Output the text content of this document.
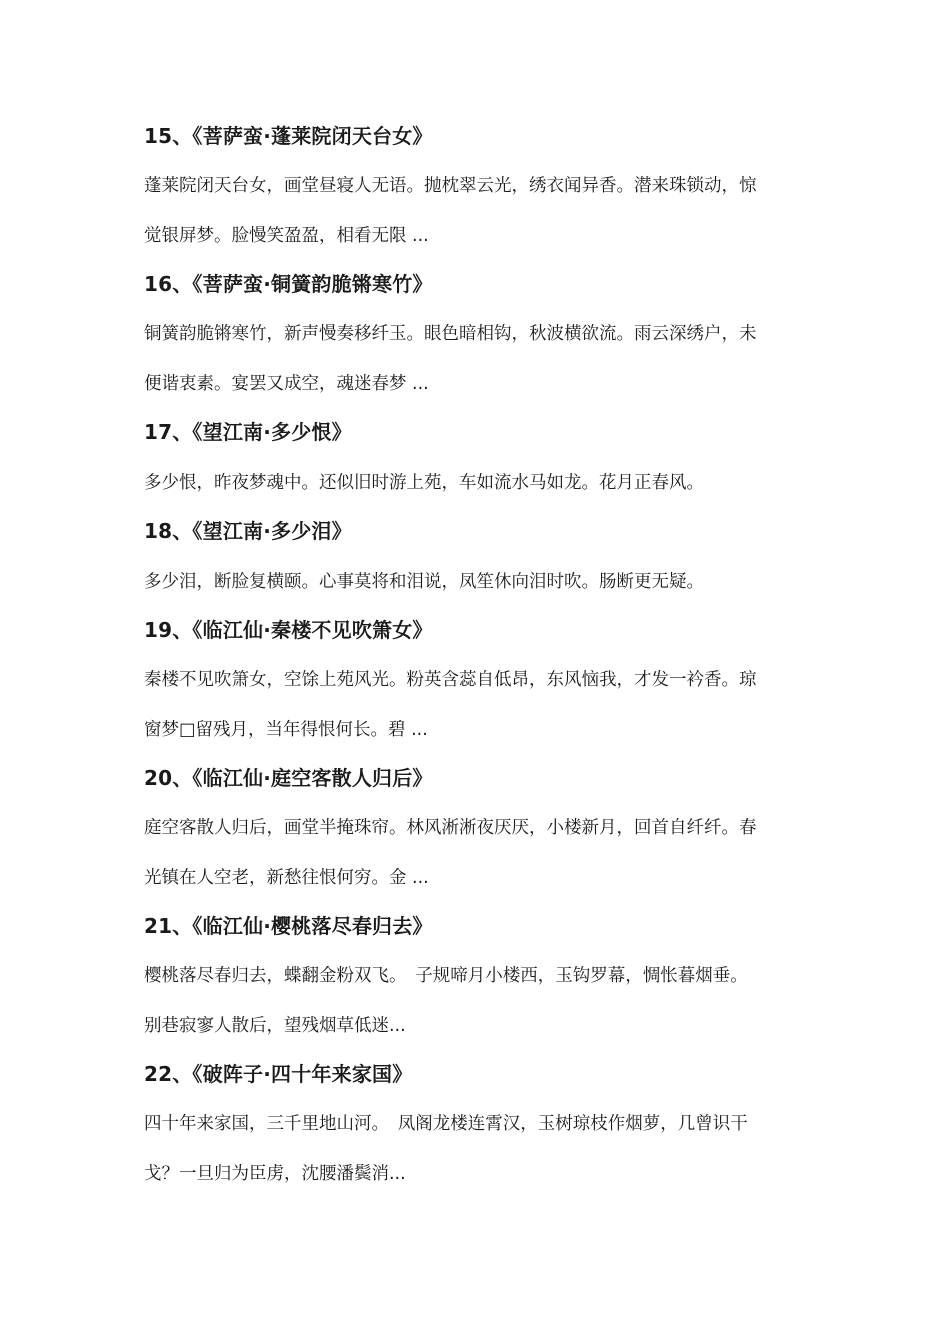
15、《菩萨蛮·蓬莱院闭天台女》
蓬莱院闭天台女，画堂昼寝人无语。抛枕翠云光，绣衣闻异香。潜来珠锁动，惊
觉银屏梦。脸慢笑盈盈，相看无限 ...
16、《菩萨蛮·铜簧韵脆锵寒竹》
铜簧韵脆锵寒竹，新声慢奏移纤玉。眼色暗相钩，秋波横欲流。雨云深绣户，未
便谐衷素。宴罢又成空，魂迷春梦 ...
17、《望江南·多少恨》
多少恨，昨夜梦魂中。还似旧时游上苑，车如流水马如龙。花月正春风。
18、《望江南·多少泪》
多少泪，断脸复横颐。心事莫将和泪说，凤笙休向泪时吹。肠断更无疑。
19、《临江仙·秦楼不见吹箫女》
秦楼不见吹箫女，空馀上苑风光。粉英含蕊自低昂，东风恼我，才发一衿香。琼
窗梦□留残月，当年得恨何长。碧 ...
20、《临江仙·庭空客散人归后》
庭空客散人归后，画堂半掩珠帘。林风淅淅夜厌厌，小楼新月，回首自纤纤。春
光镇在人空老，新愁往恨何穷。金 ...
21、《临江仙·樱桃落尽春归去》
樱桃落尽春归去，蝶翻金粉双飞。　子规啼月小楼西，玉钩罗幕，惆怅暮烟垂。
别巷寂寥人散后，望残烟草低迷...
22、《破阵子·四十年来家国》
四十年来家国，三千里地山河。　凤阁龙楼连霄汉，玉树琼枝作烟萝，几曾识干
戈？一旦归为臣虏，沈腰潘鬓消...
